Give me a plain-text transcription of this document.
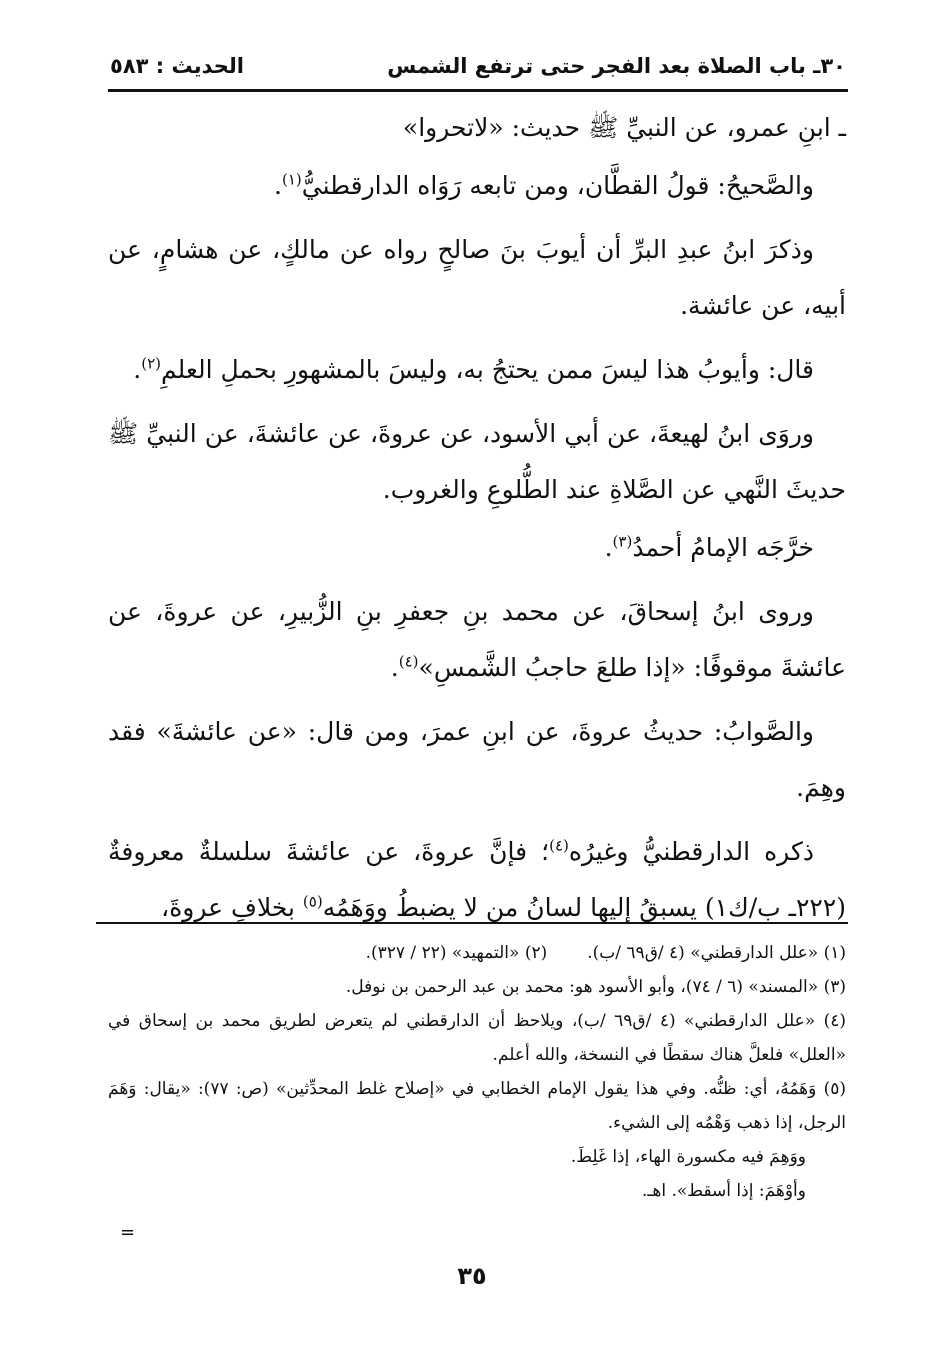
٣٠ـ باب الصلاة بعد الفجر حتى ترتفع الشمس
الحديث : ٥٨٣

ـ ابنِ عمرو، عن النبيِّ ﷺ حديث: «لاتحروا»

والصَّحيحُ: قولُ القطَّان، ومن تابعه رَوَاه الدارقطنيُّ$^{(١)}$.

وذكرَ ابنُ عبدِ البرِّ أن أيوبَ بنَ صالحٍ رواه عن مالكٍ، عن هشامٍ، عن أبيه، عن عائشة.

قال: وأيوبُ هذا ليسَ ممن يحتجُ به، وليسَ بالمشهورِ بحملِ العلمِ$^{(٢)}$.

وروَى ابنُ لهيعةَ، عن أبي الأسود، عن عروةَ، عن عائشةَ، عن النبيِّ ﷺ حديثَ النَّهي عن الصَّلاةِ عند الطُّلوعِ والغروب.

خرَّجَه الإمامُ أحمدُ$^{(٣)}$.

وروى ابنُ إسحاقَ، عن محمد بنِ جعفرِ بنِ الزُّبيرِ، عن عروةَ، عن عائشةَ موقوفًا: «إذا طلعَ حاجبُ الشَّمسِ»$^{(٤)}$.

والصَّوابُ: حديثُ عروةَ، عن ابنِ عمرَ، ومن قال: «عن عائشةَ» فقد وهِمَ.

ذكره الدارقطنيُّ وغيرُه$^{(٤)}$؛ فإنَّ عروةَ، عن عائشةَ سلسلةٌ معروفةٌ (٢٢٢ـ ب/ك١) يسبقُ إليها لسانُ من لا يضبطُ ووَهَمُه$^{(٥)}$ بخلافِ عروةَ،

(١) «علل الدارقطني» (٤ /ق٦٩ /ب).
(٢) «التمهيد» (٢٢ / ٣٢٧).

(٣) «المسند» (٦ / ٧٤)، وأبو الأسود هو: محمد بن عبد الرحمن بن نوفل.

(٤) «علل الدارقطني» (٤ /ق٦٩ /ب)، ويلاحظ أن الدارقطني لم يتعرض لطريق محمد بن إسحاق في «العلل» فلعلَّ هناك سقطًا في النسخة، والله أعلم.

(٥) وَهَمُهُ، أي: ظنُّه. وفي هذا يقول الإمام الخطابي في «إصلاح غلط المحدِّثين» (ص: ٧٧): «يقال: وَهَمَ الرجل، إذا ذهب وَهْمُه إلى الشيء.

ووَهِمَ فيه مكسورة الهاء، إذا غَلِطَ.

وأوْهَمَ: إذا أسقط». اهـ.

=
٣٥
